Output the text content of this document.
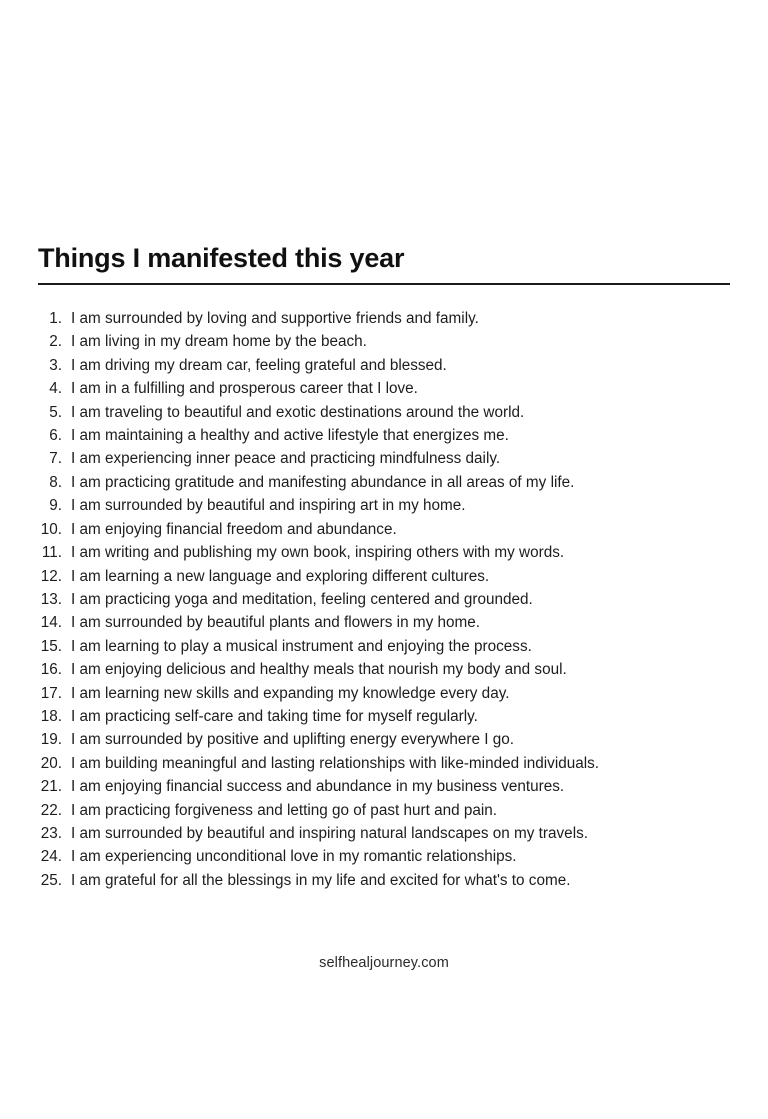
Things I manifested this year
1. I am surrounded by loving and supportive friends and family.
2. I am living in my dream home by the beach.
3. I am driving my dream car, feeling grateful and blessed.
4. I am in a fulfilling and prosperous career that I love.
5. I am traveling to beautiful and exotic destinations around the world.
6. I am maintaining a healthy and active lifestyle that energizes me.
7. I am experiencing inner peace and practicing mindfulness daily.
8. I am practicing gratitude and manifesting abundance in all areas of my life.
9. I am surrounded by beautiful and inspiring art in my home.
10. I am enjoying financial freedom and abundance.
11. I am writing and publishing my own book, inspiring others with my words.
12. I am learning a new language and exploring different cultures.
13. I am practicing yoga and meditation, feeling centered and grounded.
14. I am surrounded by beautiful plants and flowers in my home.
15. I am learning to play a musical instrument and enjoying the process.
16. I am enjoying delicious and healthy meals that nourish my body and soul.
17. I am learning new skills and expanding my knowledge every day.
18. I am practicing self-care and taking time for myself regularly.
19. I am surrounded by positive and uplifting energy everywhere I go.
20. I am building meaningful and lasting relationships with like-minded individuals.
21. I am enjoying financial success and abundance in my business ventures.
22. I am practicing forgiveness and letting go of past hurt and pain.
23. I am surrounded by beautiful and inspiring natural landscapes on my travels.
24. I am experiencing unconditional love in my romantic relationships.
25. I am grateful for all the blessings in my life and excited for what's to come.
selfhealjourney.com
